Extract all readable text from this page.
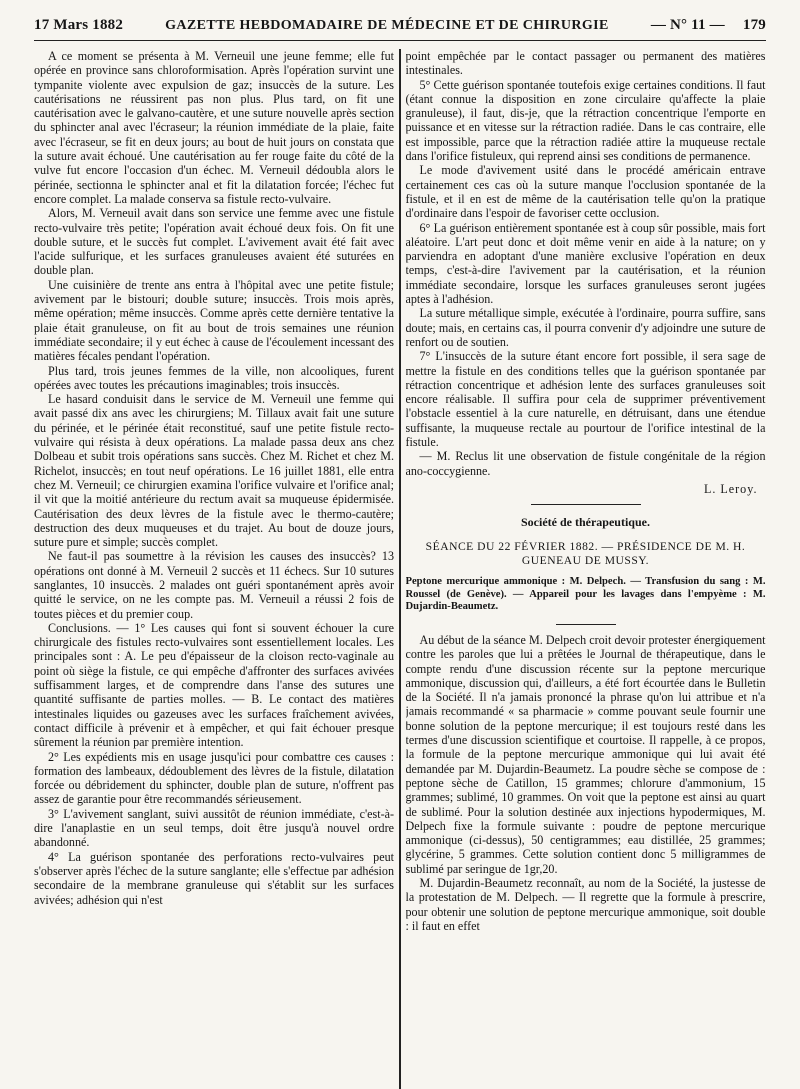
17 Mars 1882	GAZETTE HEBDOMADAIRE DE MÉDECINE ET DE CHIRURGIE	— N° 11 — 179

A ce moment se présenta à M. Verneuil une jeune femme; elle fut opérée en province sans chloroformisation. Après l'opération survint une tympanite violente avec expulsion de gaz; insuccès de la suture. Les cautérisations ne réussirent pas non plus. Plus tard, on fit une cautérisation avec le galvano-cautère, et une suture nouvelle après section du sphincter anal avec l'écraseur; la réunion immédiate de la plaie, faite avec l'écraseur, se fit en deux jours; au bout de huit jours on constata que la suture avait échoué. Une cautérisation au fer rouge faite du côté de la vulve fut encore l'occasion d'un échec. M. Verneuil dédoubla alors le périnée, sectionna le sphincter anal et fit la dilatation forcée; l'échec fut encore complet. La malade conserva sa fistule recto-vulvaire.

Alors, M. Verneuil avait dans son service une femme avec une fistule recto-vulvaire très petite; l'opération avait échoué deux fois. On fit une double suture, et le succès fut complet. L'avivement avait été fait avec l'acide sulfurique, et les surfaces granuleuses avaient été suturées en double plan.

Une cuisinière de trente ans entra à l'hôpital avec une petite fistule; avivement par le bistouri; double suture; insuccès. Trois mois après, même opération; même insuccès. Comme après cette dernière tentative la plaie était granuleuse, on fit au bout de trois semaines une réunion immédiate secondaire; il y eut échec à cause de l'écoulement incessant des matières fécales pendant l'opération.

Plus tard, trois jeunes femmes de la ville, non alcooliques, furent opérées avec toutes les précautions imaginables; trois insuccès.

Le hasard conduisit dans le service de M. Verneuil une femme qui avait passé dix ans avec les chirurgiens; M. Tillaux avait fait une suture du périnée, et le périnée était reconstitué, sauf une petite fistule recto-vulvaire qui résista à deux opérations. La malade passa deux ans chez Dolbeau et subit trois opérations sans succès. Chez M. Richet et chez M. Richelot, insuccès; en tout neuf opérations. Le 16 juillet 1881, elle entra chez M. Verneuil; ce chirurgien examina l'orifice vulvaire et l'orifice anal; il vit que la moitié antérieure du rectum avait sa muqueuse épidermisée. Cautérisation des deux lèvres de la fistule avec le thermo-cautère; destruction des deux muqueuses et du trajet. Au bout de douze jours, suture pure et simple; succès complet.

Ne faut-il pas soumettre à la révision les causes des insuccès? 13 opérations ont donné à M. Verneuil 2 succès et 11 échecs. Sur 10 sutures sanglantes, 10 insuccès. 2 malades ont guéri spontanément après avoir quitté le service, on ne les compte pas. M. Verneuil a réussi 2 fois de toutes pièces et du premier coup.

Conclusions. — 1° Les causes qui font si souvent échouer la cure chirurgicale des fistules recto-vulvaires sont essentiellement locales. Les principales sont : A. Le peu d'épaisseur de la cloison recto-vaginale au point où siège la fistule, ce qui empêche d'affronter des surfaces avivées suffisamment larges, et de comprendre dans l'anse des sutures une quantité suffisante de parties molles. — B. Le contact des matières intestinales liquides ou gazeuses avec les surfaces fraîchement avivées, contact difficile à prévenir et à empêcher, et qui fait échouer presque sûrement la réunion par première intention.

2° Les expédients mis en usage jusqu'ici pour combattre ces causes : formation des lambeaux, dédoublement des lèvres de la fistule, dilatation forcée ou débridement du sphincter, double plan de suture, n'offrent pas assez de garantie pour être recommandés sérieusement.

3° L'avivement sanglant, suivi aussitôt de réunion immédiate, c'est-à-dire l'anaplastie en un seul temps, doit être jusqu'à nouvel ordre abandonné.

4° La guérison spontanée des perforations recto-vulvaires peut s'observer après l'échec de la suture sanglante; elle s'effectue par adhésion secondaire de la membrane granuleuse qui s'établit sur les surfaces avivées; adhésion qui n'est

point empêchée par le contact passager ou permanent des matières intestinales.

5° Cette guérison spontanée toutefois exige certaines conditions. Il faut (étant connue la disposition en zone circulaire qu'affecte la plaie granuleuse), il faut, dis-je, que la rétraction concentrique l'emporte en puissance et en vitesse sur la rétraction radiée. Dans le cas contraire, elle est impossible, parce que la rétraction radiée attire la muqueuse rectale dans l'orifice fistuleux, qui reprend ainsi ses conditions de permanence.

Le mode d'avivement usité dans le procédé américain entrave certainement ces cas où la suture manque l'occlusion spontanée de la fistule, et il en est de même de la cautérisation telle qu'on la pratique d'ordinaire dans l'espoir de favoriser cette occlusion.

6° La guérison entièrement spontanée est à coup sûr possible, mais fort aléatoire. L'art peut donc et doit même venir en aide à la nature; on y parviendra en adoptant d'une manière exclusive l'opération en deux temps, c'est-à-dire l'avivement par la cautérisation, et la réunion immédiate secondaire, lorsque les surfaces granuleuses seront jugées aptes à l'adhésion.

La suture métallique simple, exécutée à l'ordinaire, pourra suffire, sans doute; mais, en certains cas, il pourra convenir d'y adjoindre une suture de renfort ou de soutien.

7° L'insuccès de la suture étant encore fort possible, il sera sage de mettre la fistule en des conditions telles que la guérison spontanée par rétraction concentrique et adhésion lente des surfaces granuleuses soit encore réalisable. Il suffira pour cela de supprimer préventivement l'obstacle essentiel à la cure naturelle, en détruisant, dans une étendue suffisante, la muqueuse rectale au pourtour de l'orifice intestinal de la fistule.

— M. Reclus lit une observation de fistule congénitale de la région ano-coccygienne.

L. Leroy.
Société de thérapeutique.
SÉANCE DU 22 FÉVRIER 1882. — PRÉSIDENCE DE M. H. GUENEAU DE MUSSY.
Peptone mercurique ammonique : M. Delpech. — Transfusion du sang : M. Roussel (de Genève). — Appareil pour les lavages dans l'empyème : M. Dujardin-Beaumetz.

Au début de la séance M. Delpech croit devoir protester énergiquement contre les paroles que lui a prêtées le Journal de thérapeutique, dans le compte rendu d'une discussion récente sur la peptone mercurique ammonique, discussion qui, d'ailleurs, a été fort écourtée dans le Bulletin de la Société. Il n'a jamais prononcé la phrase qu'on lui attribue et n'a jamais recommandé « sa pharmacie » comme pouvant seule fournir une bonne solution de la peptone mercurique; il est toujours resté dans les termes d'une discussion scientifique et courtoise. Il rappelle, à ce propos, la formule de la peptone mercurique ammonique qui lui avait été demandée par M. Dujardin-Beaumetz. La poudre sèche se compose de : peptone sèche de Catillon, 15 grammes; chlorure d'ammonium, 15 grammes; sublimé, 10 grammes. On voit que la peptone est ainsi au quart de sublimé. Pour la solution destinée aux injections hypodermiques, M. Delpech fixe la formule suivante : poudre de peptone mercurique ammonique (ci-dessus), 50 centigrammes; eau distillée, 25 grammes; glycérine, 5 grammes. Cette solution contient donc 5 milligrammes de sublimé par seringue de 1gr,20.

M. Dujardin-Beaumetz reconnaît, au nom de la Société, la justesse de la protestation de M. Delpech. — Il regrette que la formule à prescrire, pour obtenir une solution de peptone mercurique ammonique, soit double : il faut en effet
